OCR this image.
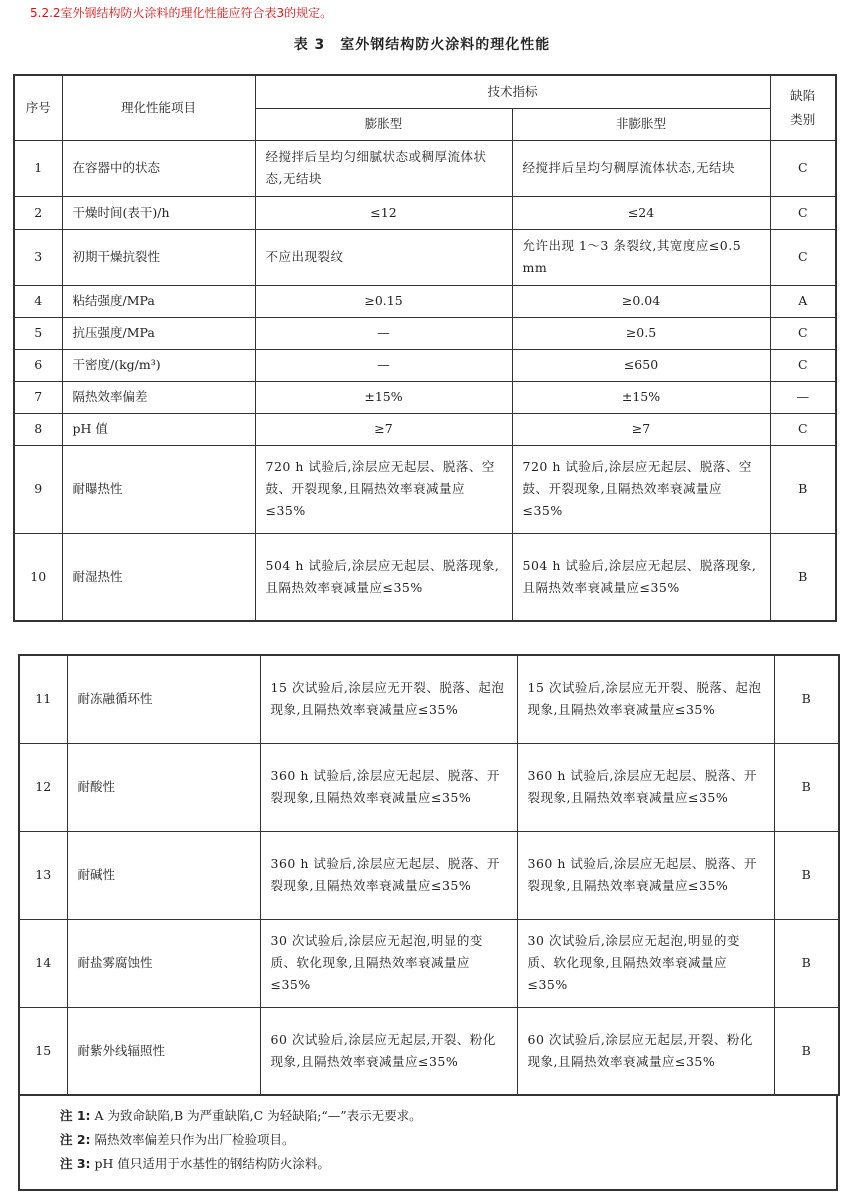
5.2.2室外钢结构防火涂料的理化性能应符合表3的规定。
表 3　室外钢结构防火涂料的理化性能
序号	理化性能项目	技术指标		缺陷类别
		膨胀型	非膨胀型	
1	在容器中的状态	经搅拌后呈均匀细腻状态或稠厚流体状态,无结块	经搅拌后呈均匀稠厚流体状态,无结块	C
2	干燥时间(表干)/h	≤12	≤24	C
3	初期干燥抗裂性	不应出现裂纹	允许出现 1～3 条裂纹,其宽度应≤0.5 mm	C
4	粘结强度/MPa	≥0.15	≥0.04	A
5	抗压强度/MPa	—	≥0.5	C
6	干密度/(kg/m³)	—	≤650	C
7	隔热效率偏差	±15%	±15%	—
8	pH 值	≥7	≥7	C
9	耐曝热性	720 h 试验后,涂层应无起层、脱落、空鼓、开裂现象,且隔热效率衰减量应≤35%	720 h 试验后,涂层应无起层、脱落、空鼓、开裂现象,且隔热效率衰减量应≤35%	B
10	耐湿热性	504 h 试验后,涂层应无起层、脱落现象,且隔热效率衰减量应≤35%	504 h 试验后,涂层应无起层、脱落现象,且隔热效率衰减量应≤35%	B
11	耐冻融循环性	15 次试验后,涂层应无开裂、脱落、起泡现象,且隔热效率衰减量应≤35%	15 次试验后,涂层应无开裂、脱落、起泡现象,且隔热效率衰减量应≤35%	B
12	耐酸性	360 h 试验后,涂层应无起层、脱落、开裂现象,且隔热效率衰减量应≤35%	360 h 试验后,涂层应无起层、脱落、开裂现象,且隔热效率衰减量应≤35%	B
13	耐碱性	360 h 试验后,涂层应无起层、脱落、开裂现象,且隔热效率衰减量应≤35%	360 h 试验后,涂层应无起层、脱落、开裂现象,且隔热效率衰减量应≤35%	B
14	耐盐雾腐蚀性	30 次试验后,涂层应无起泡,明显的变质、软化现象,且隔热效率衰减量应≤35%	30 次试验后,涂层应无起泡,明显的变质、软化现象,且隔热效率衰减量应≤35%	B
15	耐紫外线辐照性	60 次试验后,涂层应无起层,开裂、粉化现象,且隔热效率衰减量应≤35%	60 次试验后,涂层应无起层,开裂、粉化现象,且隔热效率衰减量应≤35%	B
注 1: A 为致命缺陷,B 为严重缺陷,C 为轻缺陷;“—”表示无要求。
注 2: 隔热效率偏差只作为出厂检验项目。
注 3: pH 值只适用于水基性的钢结构防火涂料。
